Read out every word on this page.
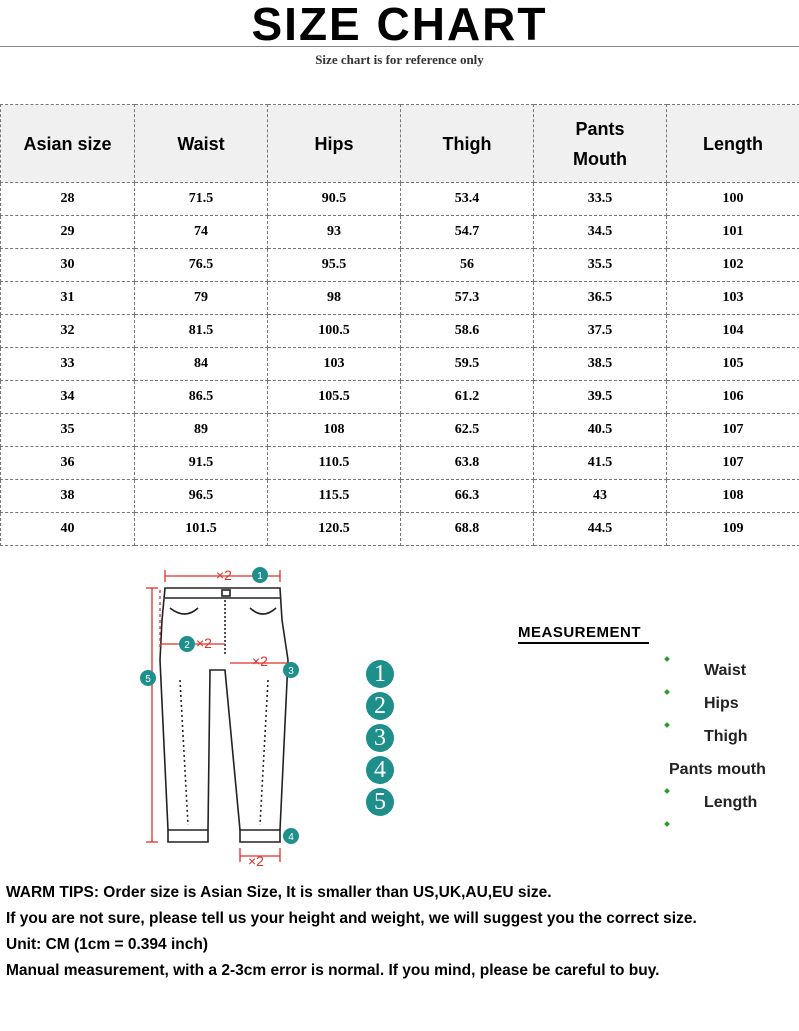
SIZE CHART
Size chart is for reference only
Asian size	Waist	Hips	Thigh	Pants Mouth	Length
28	71.5	90.5	53.4	33.5	100
29	74	93	54.7	34.5	101
30	76.5	95.5	56	35.5	102
31	79	98	57.3	36.5	103
32	81.5	100.5	58.6	37.5	104
33	84	103	59.5	38.5	105
34	86.5	105.5	61.2	39.5	106
35	89	108	62.5	40.5	107
36	91.5	110.5	63.8	41.5	107
38	96.5	115.5	66.3	43	108
40	101.5	120.5	68.8	44.5	109
×2
×2
×2
×2
1
2
3
4
5	1
2
3
4
5
MEASUREMENT
Waist
Hips
Thigh
Pants mouth
Length
WARM TIPS: Order size is Asian Size, It is smaller than US,UK,AU,EU size.
If you are not sure, please tell us your height and weight, we will suggest you the correct size.
Unit: CM (1cm = 0.394 inch)
Manual measurement, with a 2-3cm error is normal. If you mind, please be careful to buy.
